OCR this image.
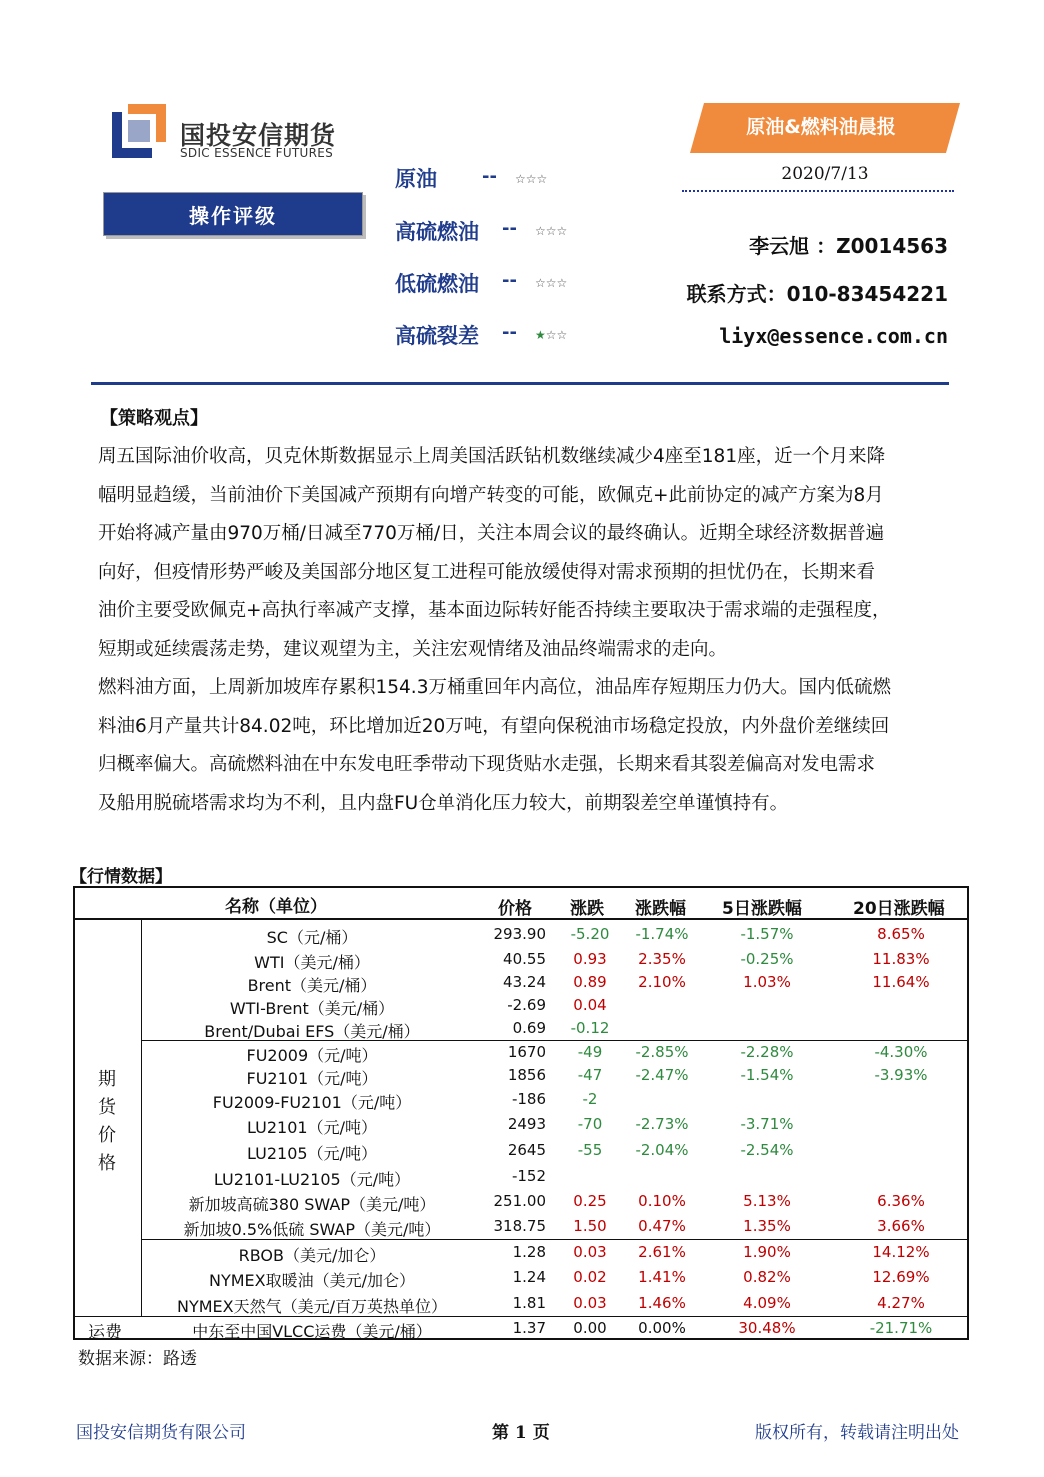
国投安信期货
SDIC ESSENCE FUTURES
原油&燃料油晨报
2020/7/13
操作评级
原油	-- ☆☆☆
高硫燃油 -- ☆☆☆
低硫燃油 -- ☆☆☆
高硫裂差 -- ★☆☆
李云旭 ：Z0014563
联系方式：010-83454221
liyx@essence.com.cn
【策略观点】
周五国际油价收高，贝克休斯数据显示上周美国活跃钻机数继续减少4座至181座，近一个月来降
幅明显趋缓，当前油价下美国减产预期有向增产转变的可能，欧佩克+此前协定的减产方案为8月
开始将减产量由970万桶/日减至770万桶/日，关注本周会议的最终确认。近期全球经济数据普遍
向好，但疫情形势严峻及美国部分地区复工进程可能放缓使得对需求预期的担忧仍在，长期来看
油价主要受欧佩克+高执行率减产支撑，基本面边际转好能否持续主要取决于需求端的走强程度，
短期或延续震荡走势，建议观望为主，关注宏观情绪及油品终端需求的走向。
燃料油方面，上周新加坡库存累积154.3万桶重回年内高位，油品库存短期压力仍大。国内低硫燃
料油6月产量共计84.02吨，环比增加近20万吨，有望向保税油市场稳定投放，内外盘价差继续回
归概率偏大。高硫燃料油在中东发电旺季带动下现货贴水走强，长期来看其裂差偏高对发电需求
及船用脱硫塔需求均为不利，且内盘FU仓单消化压力较大，前期裂差空单谨慎持有。
【行情数据】
名称（单位）	价格 涨跌 涨跌幅 5日涨跌幅	20日涨跌幅
期
货
价
格
运费
SC（元/桶）	293.90	-5.20	-1.74%	-1.57%	8.65%
WTI（美元/桶）	40.55	0.93	2.35%	-0.25%	11.83%
Brent（美元/桶）	43.24	0.89	2.10%	1.03%	11.64%
WTI-Brent（美元/桶）	-2.69	0.04
Brent/Dubai EFS（美元/桶）	0.69	-0.12
FU2009（元/吨）	1670	-49	-2.85%	-2.28%	-4.30%
FU2101（元/吨）	1856	-47	-2.47%	-1.54%	-3.93%
FU2009-FU2101（元/吨）	-186	-2
LU2101（元/吨）	2493	-70	-2.73%	-3.71%
LU2105（元/吨）	2645	-55	-2.04%	-2.54%
LU2101-LU2105（元/吨）	-152
新加坡高硫380 SWAP（美元/吨）	251.00	0.25	0.10%	5.13%	6.36%
新加坡0.5%低硫 SWAP（美元/吨）	318.75	1.50	0.47%	1.35%	3.66%
RBOB（美元/加仑）	1.28	0.03	2.61%	1.90%	14.12%
NYMEX取暖油（美元/加仑）	1.24	0.02	1.41%	0.82%	12.69%
NYMEX天然气（美元/百万英热单位）	1.81	0.03	1.46%	4.09%	4.27%
中东至中国VLCC运费（美元/桶）	1.37	0.00	0.00%	30.48%	-21.71%
数据来源：路透
国投安信期货有限公司	第 1 页	版权所有，转载请注明出处
